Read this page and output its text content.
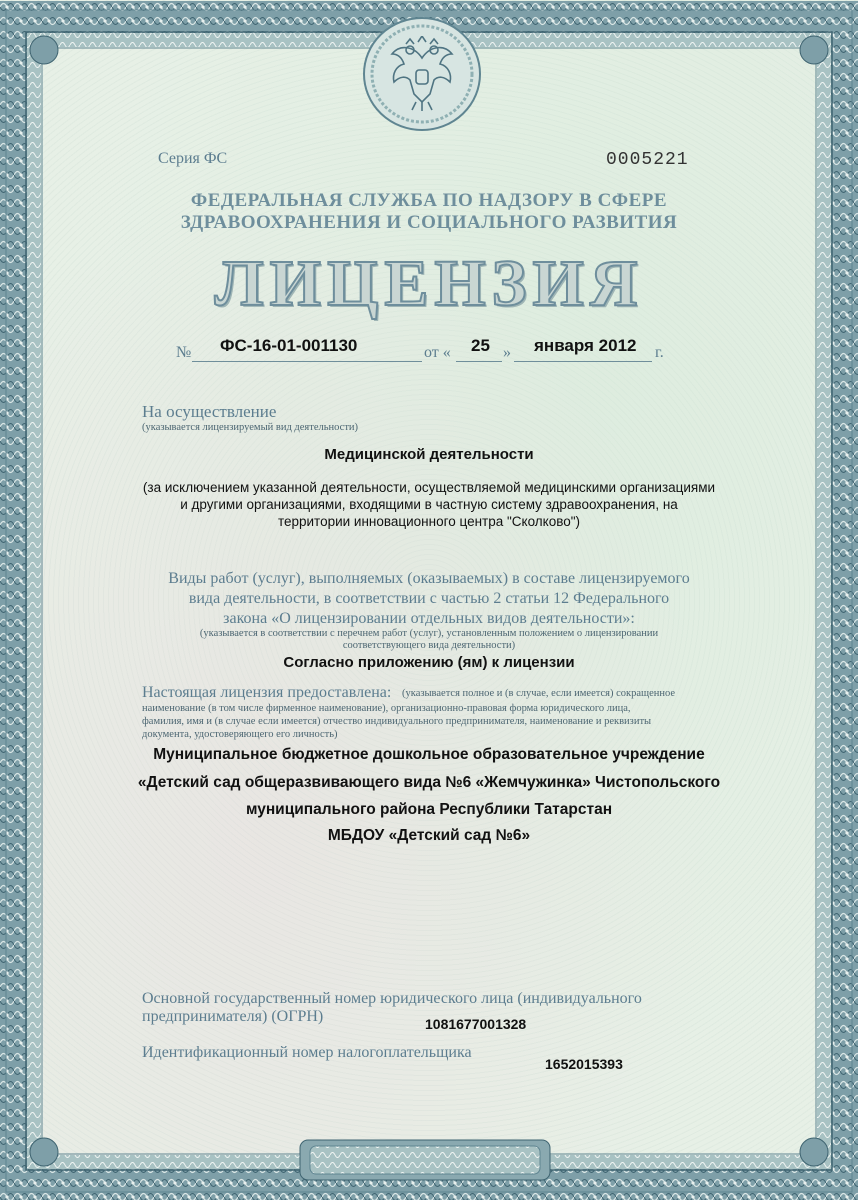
Серия ФС	0005221

ФЕДЕРАЛЬНАЯ СЛУЖБА ПО НАДЗОРУ В СФЕРЕ

ЗДРАВООХРАНЕНИЯ И СОЦИАЛЬНОГО РАЗВИТИЯ

ЛИЦЕНЗИЯ

№ ФС-16-01-001130	от « 25 » января 2012 г.

На осуществление

(указывается лицензируемый вид деятельности)

Медицинской деятельности

(за исключением указанной деятельности, осуществляемой медицинскими организациями

и другими организациями, входящими в частную систему здравоохранения, на

территории инновационного центра "Сколково")

Виды работ (услуг), выполняемых (оказываемых) в составе лицензируемого

вида деятельности, в соответствии с частью 2 статьи 12 Федерального

закона «О лицензировании отдельных видов деятельности»:

(указывается в соответствии с перечнем работ (услуг), установленным положением о лицензировании

соответствующего вида деятельности)

Согласно приложению (ям) к лицензии

Настоящая лицензия предоставлена: (указывается полное и (в случае, если имеется) сокращенное

наименование (в том числе фирменное наименование), организационно-правовая форма юридического лица,

фамилия, имя и (в случае если имеется) отчество индивидуального предпринимателя, наименование и реквизиты

документа, удостоверяющего его личность)

Муниципальное бюджетное дошкольное образовательное учреждение

«Детский сад общеразвивающего вида №6 «Жемчужинка» Чистопольского

муниципального района Республики Татарстан

МБДОУ «Детский сад №6»

Основной государственный номер юридического лица (индивидуального

предпринимателя) (ОГРН)	1081677001328

Идентификационный номер налогоплательщика

1652015393
